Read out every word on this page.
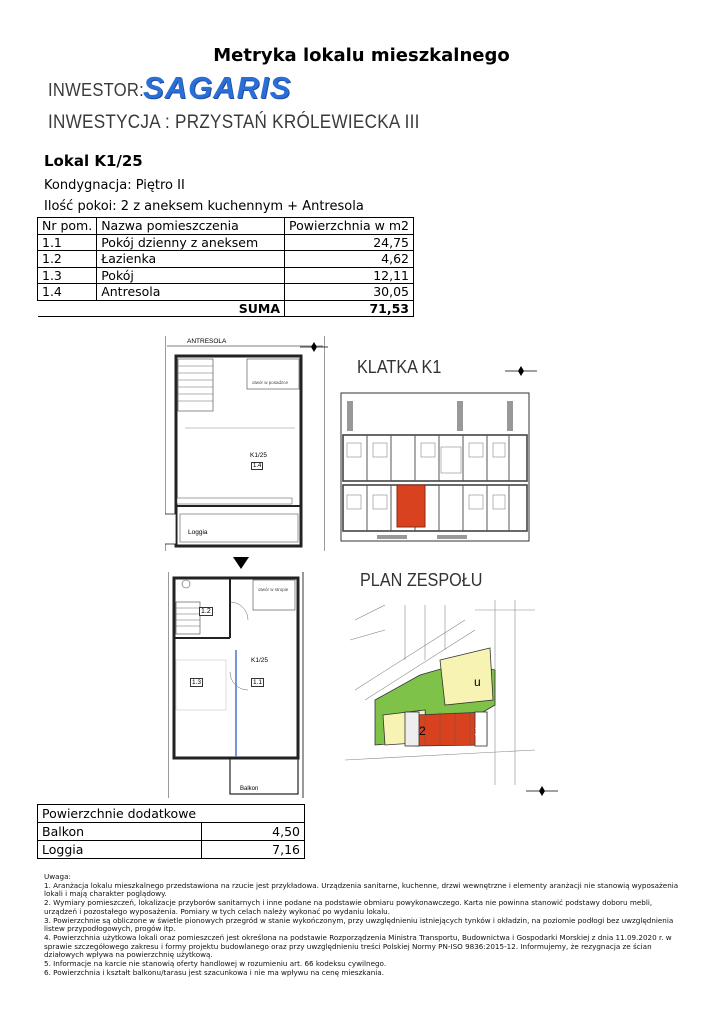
Metryka lokalu mieszkalnego
INWESTOR:
SAGARIS
INWESTYCJA : PRZYSTAŃ KRÓLEWIECKA III
Lokal K1/25
Kondygnacja: Piętro II
Ilość pokoi: 2 z aneksem kuchennym + Antresola
Nr pom.	Nazwa pomieszczenia	Powierzchnia w m2
1.1	Pokój dzienny z aneksem	24,75
1.2	Łazienka	4,62
1.3	Pokój	12,11
1.4	Antresola	30,05
	SUMA	71,53
ANTRESOLA
otwór w posadzce
K1/25
1.4
Loggia
1.2
otwór w stropie
K1/25
1.3	1.1
Balkon
KLATKA K1
PLAN ZESPOŁU
u
2	1
Powierzchnie dodatkowe	
Balkon	4,50
Loggia	7,16

Uwaga:

1. Aranżacja lokalu mieszkalnego przedstawiona na rzucie jest przykładowa. Urządzenia sanitarne, kuchenne, drzwi wewnętrzne i elementy aranżacji nie stanowią wyposażenia lokali i mają charakter poglądowy.

2. Wymiary pomieszczeń, lokalizacje przyborów sanitarnych i inne podane na podstawie obmiaru powykonawczego. Karta nie powinna stanowić podstawy doboru mebli, urządzeń i pozostałego wyposażenia. Pomiary w tych celach należy wykonać po wydaniu lokalu.

3. Powierzchnie są obliczone w świetle pionowych przegród w stanie wykończonym, przy uwzględnieniu istniejących tynków i okładzin, na poziomie podłogi bez uwzględnienia listew przypodłogowych, progów itp.

4. Powierzchnia użytkowa lokali oraz pomieszczeń jest określona na podstawie Rozporządzenia Ministra Transportu, Budownictwa i Gospodarki Morskiej z dnia 11.09.2020 r. w sprawie szczegółowego zakresu i formy projektu budowlanego oraz przy uwzględnieniu treści Polskiej Normy PN-ISO 9836:2015-12. Informujemy, że rezygnacja ze ścian działowych wpływa na powierzchnię użytkową.

5. Informacje na karcie nie stanowią oferty handlowej w rozumieniu art. 66 kodeksu cywilnego.

6. Powierzchnia i kształt balkonu/tarasu jest szacunkowa i nie ma wpływu na cenę mieszkania.
